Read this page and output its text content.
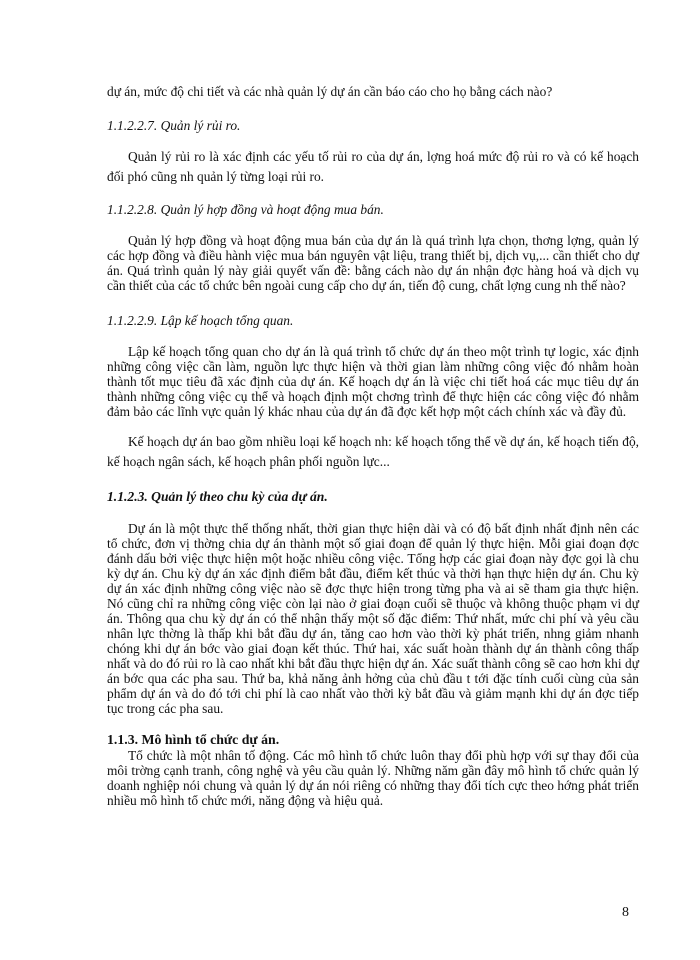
dự án, mức độ chi tiết và các nhà quản lý dự án cần báo cáo cho họ bằng cách nào?

1.1.2.2.7. Quản lý rủi ro.

Quản lý rủi ro là xác định các yếu tố rủi ro của dự án, lợng hoá mức độ rủi ro và có kế hoạch đối phó cũng nh quản lý từng loại rủi ro.

1.1.2.2.8. Quản lý hợp đồng và hoạt động mua bán.

Quản lý hợp đồng và hoạt động mua bán của dự án là quá trình lựa chọn, thơng lợng, quản lý các hợp đồng và điều hành việc mua bán nguyên vật liệu, trang thiết bị, dịch vụ,... cần thiết cho dự án. Quá trình quản lý này giải quyết vấn đề: bằng cách nào dự án nhận đợc hàng hoá và dịch vụ cần thiết của các tổ chức bên ngoài cung cấp cho dự án, tiến độ cung, chất lợng cung nh thế nào?

1.1.2.2.9. Lập kế hoạch tổng quan.

Lập kế hoạch tổng quan cho dự án là quá trình tổ chức dự án theo một trình tự logic, xác định những công việc cần làm, nguồn lực thực hiện và thời gian làm những công việc đó nhằm hoàn thành tốt mục tiêu đã xác định của dự án. Kế hoạch dự án là việc chi tiết hoá các mục tiêu dự án thành những công việc cụ thể và hoạch định một chơng trình để thực hiện các công việc đó nhằm đảm bảo các lĩnh vực quản lý khác nhau của dự án đã đợc kết hợp một cách chính xác và đầy đủ.

Kế hoạch dự án bao gồm nhiều loại kế hoạch nh: kế hoạch tổng thể về dự án, kế hoạch tiến độ, kế hoạch ngân sách, kế hoạch phân phối nguồn lực...

1.1.2.3. Quản lý theo chu kỳ của dự án.

Dự án là một thực thể thống nhất, thời gian thực hiện dài và có độ bất định nhất định nên các tổ chức, đơn vị thờng chia dự án thành một số giai đoạn để quản lý thực hiện. Mỗi giai đoạn đợc đánh dấu bởi việc thực hiện một hoặc nhiều công việc. Tổng hợp các giai đoạn này đợc gọi là chu kỳ dự án. Chu kỳ dự án xác định điểm bắt đầu, điểm kết thúc và thời hạn thực hiện dự án. Chu kỳ dự án xác định những công việc nào sẽ đợc thực hiện trong từng pha và ai sẽ tham gia thực hiện. Nó cũng chỉ ra những công việc còn lại nào ở giai đoạn cuối sẽ thuộc và không thuộc phạm vi dự án. Thông qua chu kỳ dự án có thể nhận thấy một số đặc điểm: Thứ nhất, mức chi phí và yêu cầu nhân lực thờng là thấp khi bắt đầu dự án, tăng cao hơn vào thời kỳ phát triển, nhng giảm nhanh chóng khi dự án bớc vào giai đoạn kết thúc. Thứ hai, xác suất hoàn thành dự án thành công thấp nhất và do đó rủi ro là cao nhất khi bắt đầu thực hiện dự án. Xác suất thành công sẽ cao hơn khi dự án bớc qua các pha sau. Thứ ba, khả năng ảnh hởng của chủ đầu t tới đặc tính cuối cùng của sản phẩm dự án và do đó tới chi phí là cao nhất vào thời kỳ bắt đầu và giảm mạnh khi dự án đợc tiếp tục trong các pha sau.

1.1.3. Mô hình tổ chức dự án.

Tổ chức là một nhân tố động. Các mô hình tổ chức luôn thay đổi phù hợp với sự thay đổi của môi trờng cạnh tranh, công nghệ và yêu cầu quản lý. Những năm gần đây mô hình tổ chức quản lý doanh nghiệp nói chung và quản lý dự án nói riêng có những thay đổi tích cực theo hớng phát triển nhiều mô hình tổ chức mới, năng động và hiệu quả.

8
